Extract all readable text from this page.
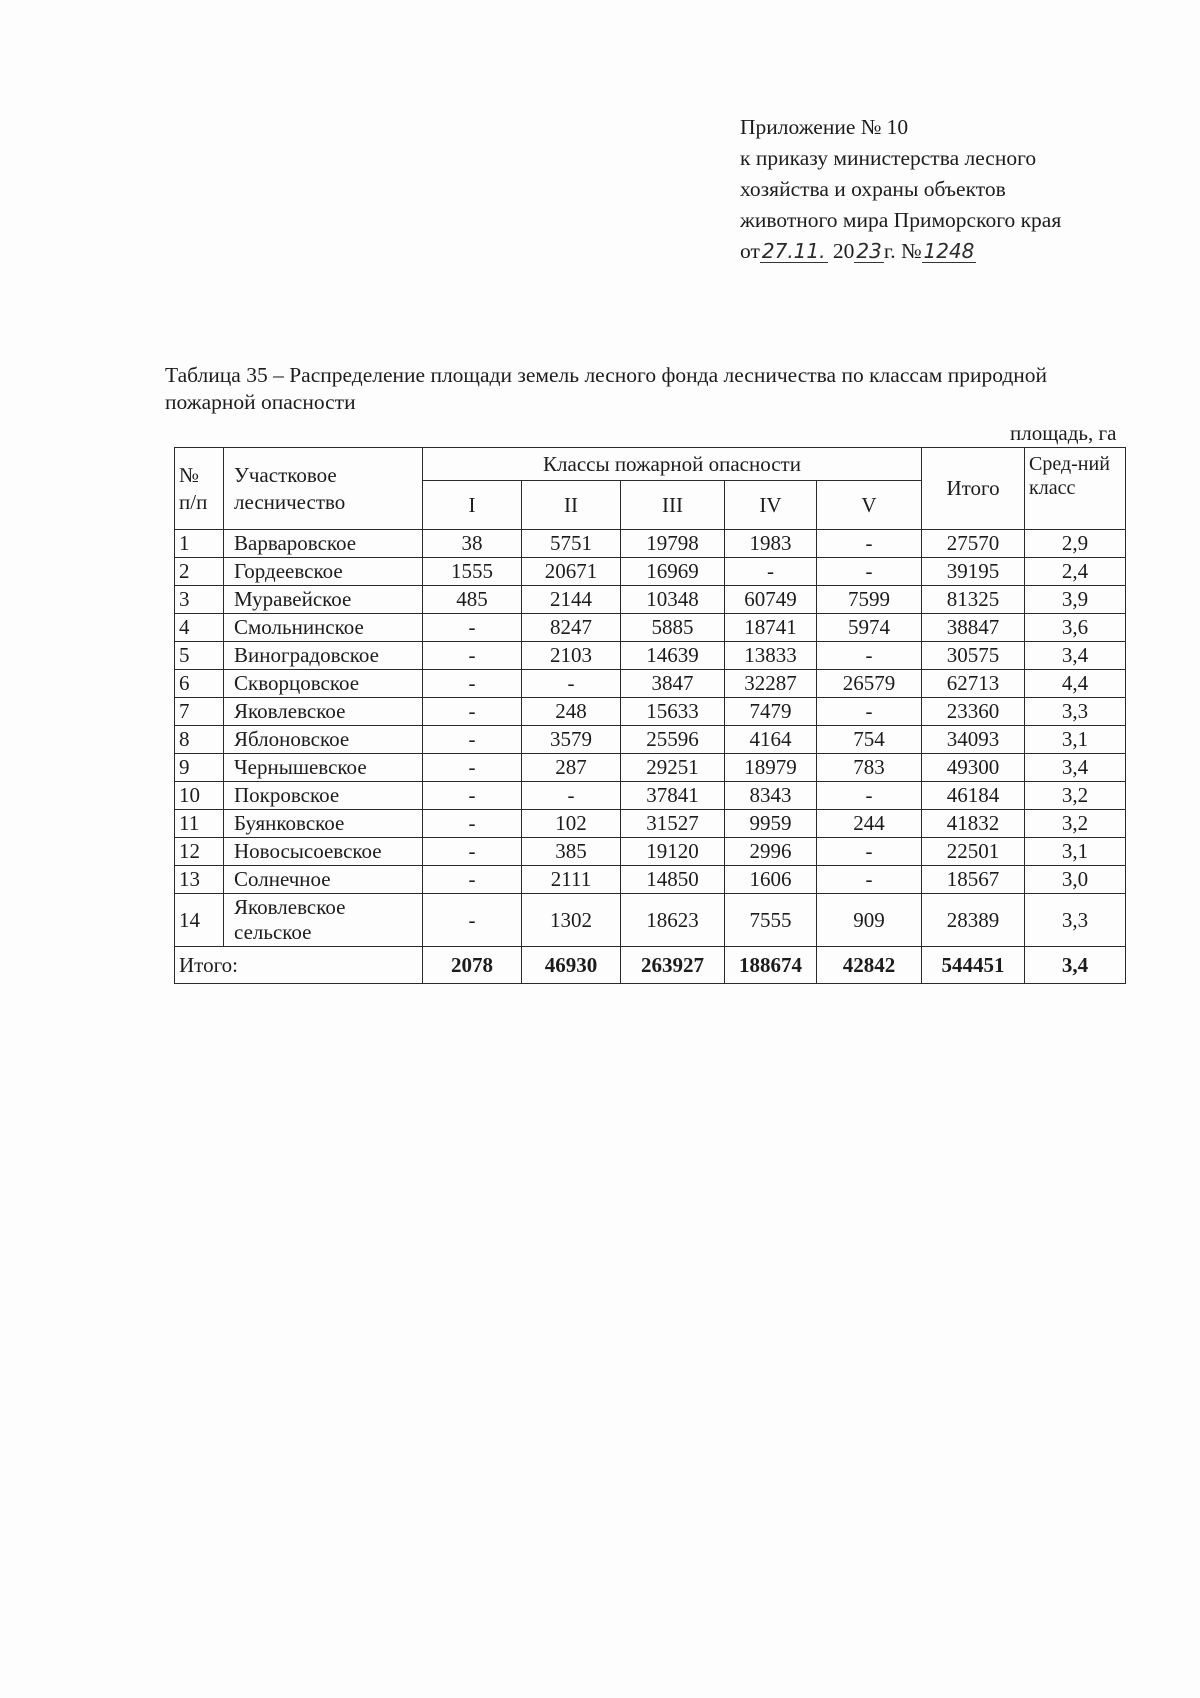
Приложение № 10
к приказу министерства лесного
хозяйства и охраны объектов
животного мира Приморского края
от 27.11. 20 23г. № 1248
Таблица 35 – Распределение площади земель лесного фонда лесничества по классам природной пожарной опасности
площадь, га
№ п/п	Участковое лесничество	Классы пожарной опасности					Итого	Сред-ний класс
		I	II	III	IV	V		
1	Варваровское	38	5751	19798	1983	-	27570	2,9
2	Гордеевское	1555	20671	16969	-	-	39195	2,4
3	Муравейское	485	2144	10348	60749	7599	81325	3,9
4	Смольнинское	-	8247	5885	18741	5974	38847	3,6
5	Виноградовское	-	2103	14639	13833	-	30575	3,4
6	Скворцовское	-	-	3847	32287	26579	62713	4,4
7	Яковлевское	-	248	15633	7479	-	23360	3,3
8	Яблоновское	-	3579	25596	4164	754	34093	3,1
9	Чернышевское	-	287	29251	18979	783	49300	3,4
10	Покровское	-	-	37841	8343	-	46184	3,2
11	Буянковское	-	102	31527	9959	244	41832	3,2
12	Новосысоевское	-	385	19120	2996	-	22501	3,1
13	Солнечное	-	2111	14850	1606	-	18567	3,0
14	Яковлевское сельское	-	1302	18623	7555	909	28389	3,3
Итого:		2078	46930	263927	188674	42842	544451	3,4
